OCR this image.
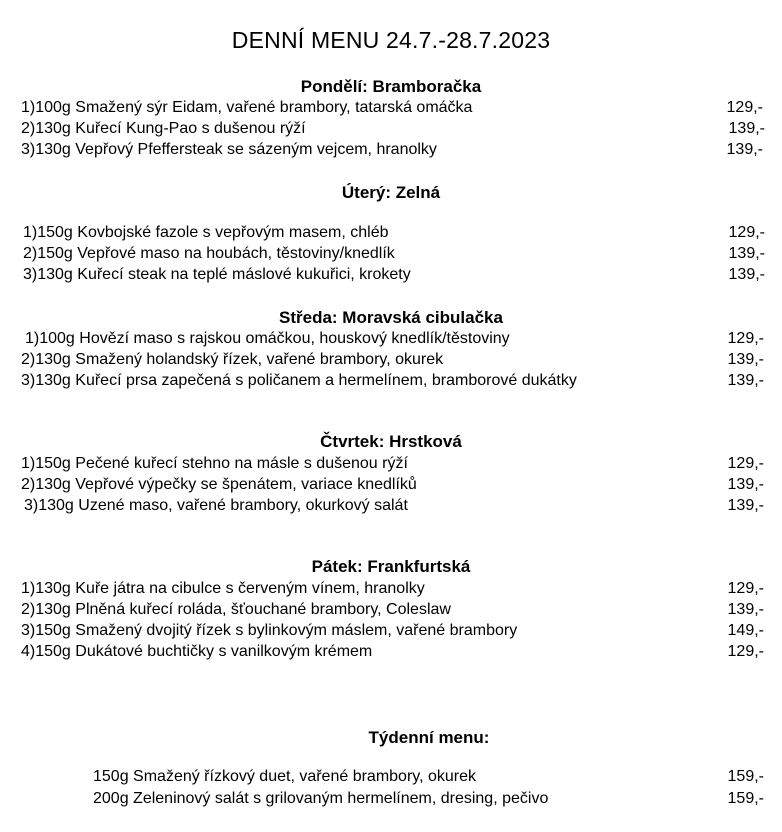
DENNÍ MENU 24.7.-28.7.2023
Pondělí: Bramboračka
1)100g Smažený sýr Eidam, vařené brambory, tatarská omáčka	129,-
2)130g Kuřecí Kung-Pao s dušenou rýží	139,-
3)130g Vepřový Pfeffersteak se sázeným vejcem, hranolky	139,-
Úterý: Zelná
1)150g Kovbojské fazole s vepřovým masem, chléb	129,-
2)150g Vepřové maso na houbách, těstoviny/knedlík	139,-
3)130g Kuřecí steak na teplé máslové kukuřici, krokety	139,-
Středa: Moravská cibulačka
1)100g Hovězí maso s rajskou omáčkou, houskový knedlík/těstoviny	129,-
2)130g Smažený holandský řízek, vařené brambory, okurek	139,-
3)130g Kuřecí prsa zapečená s poličanem a hermelínem, bramborové dukátky	139,-
Čtvrtek: Hrstková
1)150g Pečené kuřecí stehno na másle s dušenou rýží	129,-
2)130g Vepřové výpečky se špenátem, variace knedlíků	139,-
3)130g Uzené maso, vařené brambory, okurkový salát	139,-
Pátek: Frankfurtská
1)130g Kuře játra na cibulce s červeným vínem, hranolky	129,-
2)130g Plněná kuřecí roláda, šťouchané brambory, Coleslaw	139,-
3)150g Smažený dvojitý řízek s bylinkovým máslem, vařené brambory	149,-
4)150g Dukátové buchtičky s vanilkovým krémem	129,-
Týdenní menu:
150g Smažený řízkový duet, vařené brambory, okurek	159,-
200g Zeleninový salát s grilovaným hermelínem, dresing, pečivo	159,-
